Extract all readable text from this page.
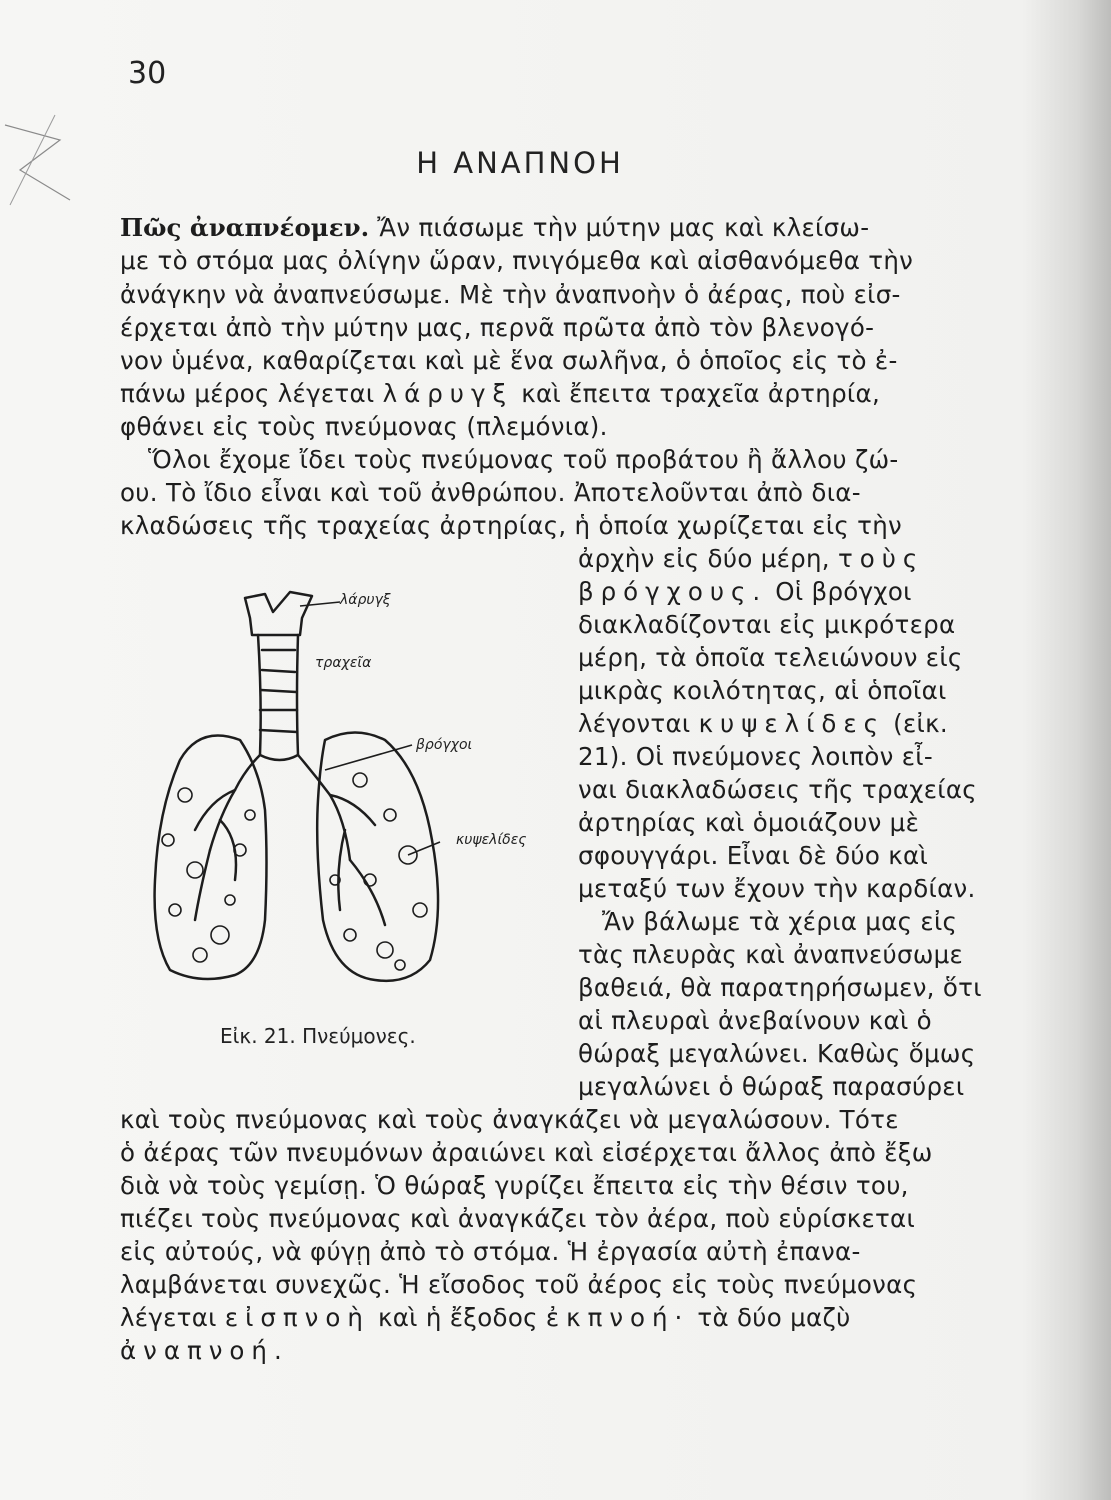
30
Η ΑΝΑΠΝΟΗ
Πῶς ἀναπνέομεν. Ἄν πιάσωμε τὴν μύτην μας καὶ κλείσω-
με τὸ στόμα μας ὀλίγην ὥραν, πνιγόμεθα καὶ αἰσθανόμεθα τὴν
ἀνάγκην νὰ ἀναπνεύσωμε. Μὲ τὴν ἀναπνοὴν ὁ ἀέρας, ποὺ εἰσ-
έρχεται ἀπὸ τὴν μύτην μας, περνᾶ πρῶτα ἀπὸ τὸν βλενογό-
νον ὑμένα, καθαρίζεται καὶ μὲ ἕνα σωλῆνα, ὁ ὁποῖος εἰς τὸ ἐ-
πάνω μέρος λέγεται λάρυγξ καὶ ἔπειτα τραχεῖα ἀρτηρία,
φθάνει εἰς τοὺς πνεύμονας (πλεμόνια).
Ὅλοι ἔχομε ἴδει τοὺς πνεύμονας τοῦ προβάτου ἢ ἄλλου ζώ-
ου. Τὸ ἴδιο εἶναι καὶ τοῦ ἀνθρώπου. Ἀποτελοῦνται ἀπὸ δια-
κλαδώσεις τῆς τραχείας ἀρτηρίας, ἡ ὁποία χωρίζεται εἰς τὴν
ἀρχὴν εἰς δύο μέρη, τοὺς
βρόγχους. Οἱ βρόγχοι
διακλαδίζονται εἰς μικρότερα
μέρη, τὰ ὁποῖα τελειώνουν εἰς
μικρὰς κοιλότητας, αἱ ὁποῖαι
λέγονται κυψελίδες (εἰκ.
21). Οἱ πνεύμονες λοιπὸν εἶ-
ναι διακλαδώσεις τῆς τραχείας
ἀρτηρίας καὶ ὁμοιάζουν μὲ
σφουγγάρι. Εἶναι δὲ δύο καὶ
μεταξύ των ἔχουν τὴν καρδίαν.
Ἄν βάλωμε τὰ χέρια μας εἰς
τὰς πλευρὰς καὶ ἀναπνεύσωμε
βαθειά, θὰ παρατηρήσωμεν, ὅτι
αἱ πλευραὶ ἀνεβαίνουν καὶ ὁ
θώραξ μεγαλώνει. Καθὼς ὅμως
μεγαλώνει ὁ θώραξ παρασύρει
καὶ τοὺς πνεύμονας καὶ τοὺς ἀναγκάζει νὰ μεγαλώσουν. Τότε
ὁ ἀέρας τῶν πνευμόνων ἀραιώνει καὶ εἰσέρχεται ἄλλος ἀπὸ ἔξω
διὰ νὰ τοὺς γεμίσῃ. Ὁ θώραξ γυρίζει ἔπειτα εἰς τὴν θέσιν του,
πιέζει τοὺς πνεύμονας καὶ ἀναγκάζει τὸν ἀέρα, ποὺ εὑρίσκεται
εἰς αὐτούς, νὰ φύγῃ ἀπὸ τὸ στόμα. Ἡ ἐργασία αὐτὴ ἐπανα-
λαμβάνεται συνεχῶς. Ἡ εἴσοδος τοῦ ἀέρος εἰς τοὺς πνεύμονας
λέγεται εἰσπνοὴ καὶ ἡ ἔξοδος ἐκπνοή· τὰ δύο μαζὺ
ἀναπνοή.
λάρυγξ
τραχεῖα
βρόγχοι
κυψελίδες
Εἰκ. 21. Πνεύμονες.
